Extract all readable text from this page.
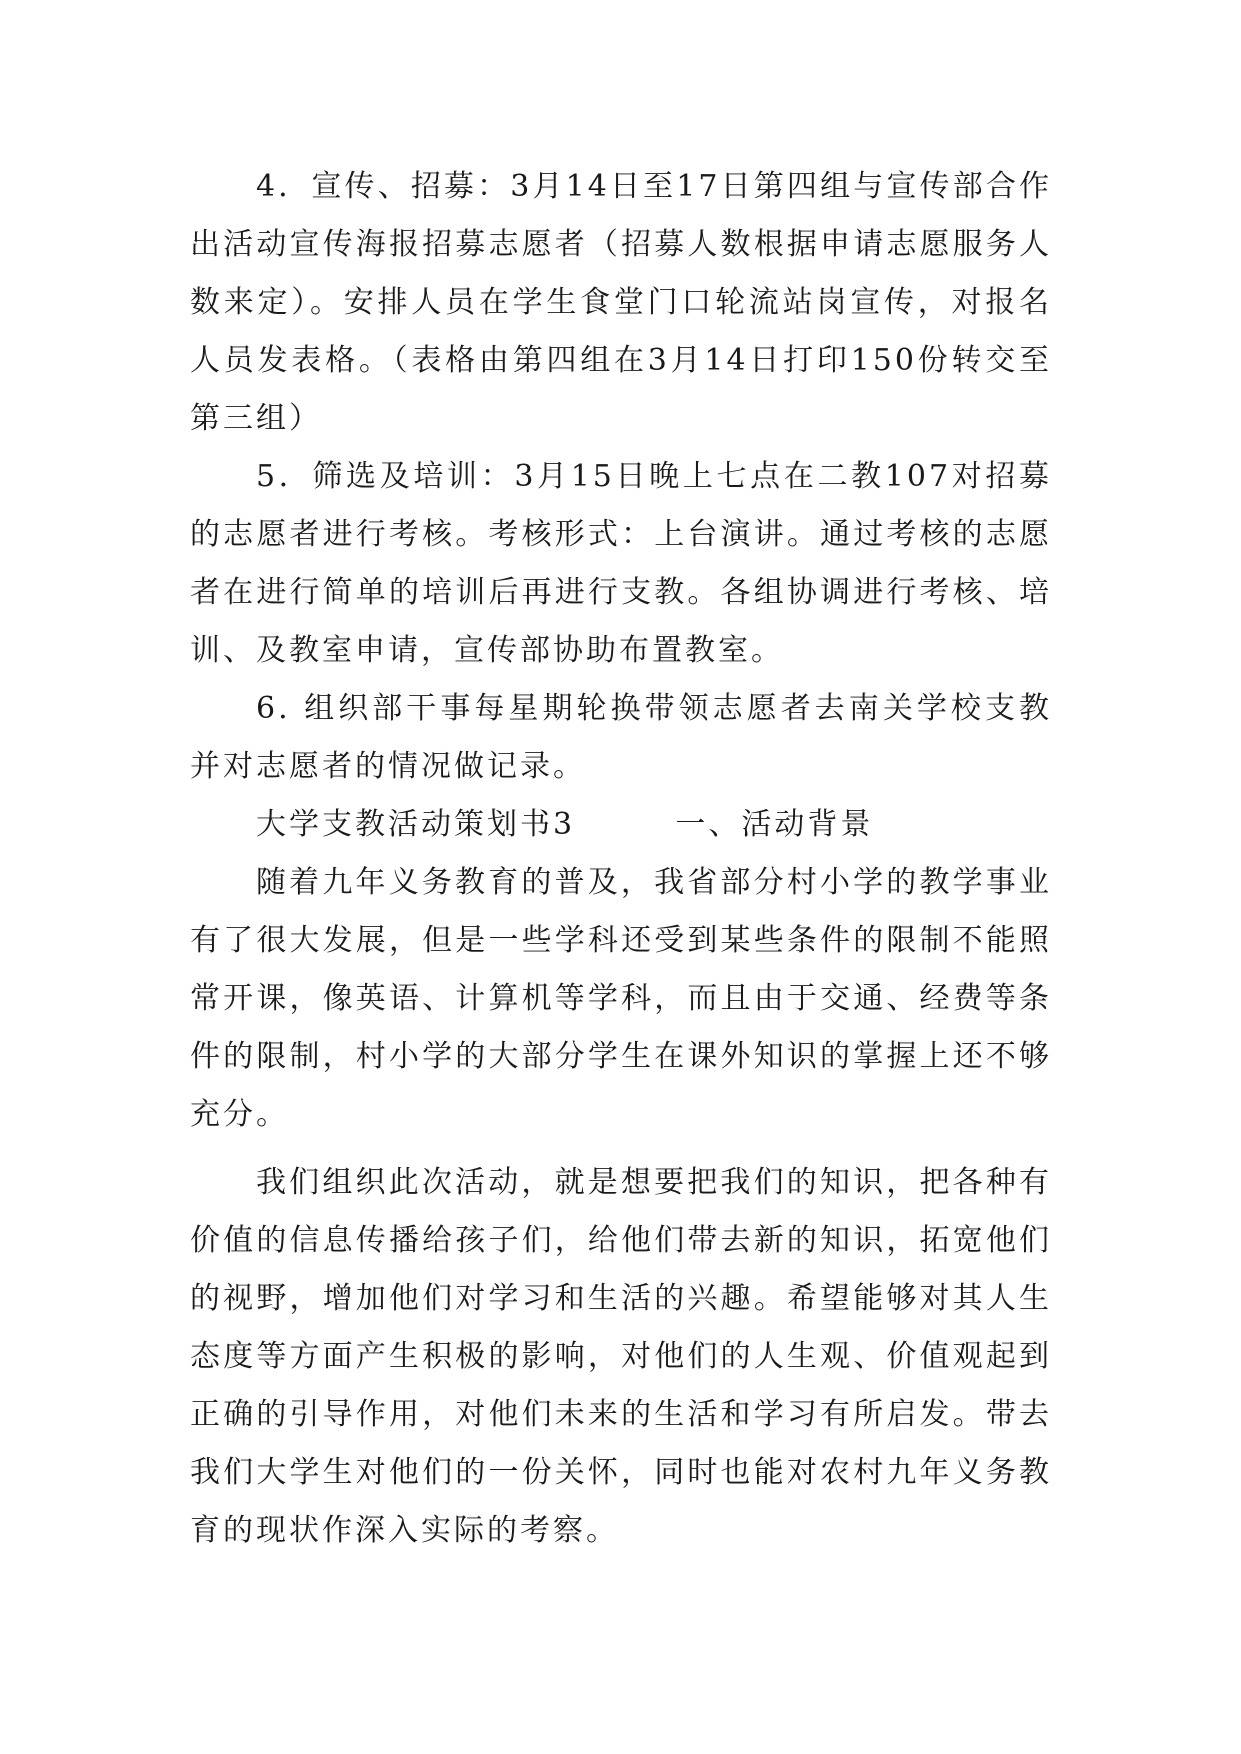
4．宣传、招募：3月14日至17日第四组与宣传部合作出活动宣传海报招募志愿者（招募人数根据申请志愿服务人数来定）。安排人员在学生食堂门口轮流站岗宣传，对报名人员发表格。（表格由第四组在3月14日打印150份转交至第三组）

5．筛选及培训：3月15日晚上七点在二教107对招募的志愿者进行考核。考核形式：上台演讲。通过考核的志愿者在进行简单的培训后再进行支教。各组协调进行考核、培训、及教室申请，宣传部协助布置教室。

6. 组织部干事每星期轮换带领志愿者去南关学校支教并对志愿者的情况做记录。

大学支教活动策划书3	一、活动背景

随着九年义务教育的普及，我省部分村小学的教学事业有了很大发展，但是一些学科还受到某些条件的限制不能照常开课，像英语、计算机等学科，而且由于交通、经费等条件的限制，村小学的大部分学生在课外知识的掌握上还不够充分。

我们组织此次活动，就是想要把我们的知识，把各种有价值的信息传播给孩子们，给他们带去新的知识，拓宽他们的视野，增加他们对学习和生活的兴趣。希望能够对其人生态度等方面产生积极的影响，对他们的人生观、价值观起到正确的引导作用，对他们未来的生活和学习有所启发。带去我们大学生对他们的一份关怀，同时也能对农村九年义务教育的现状作深入实际的考察。
